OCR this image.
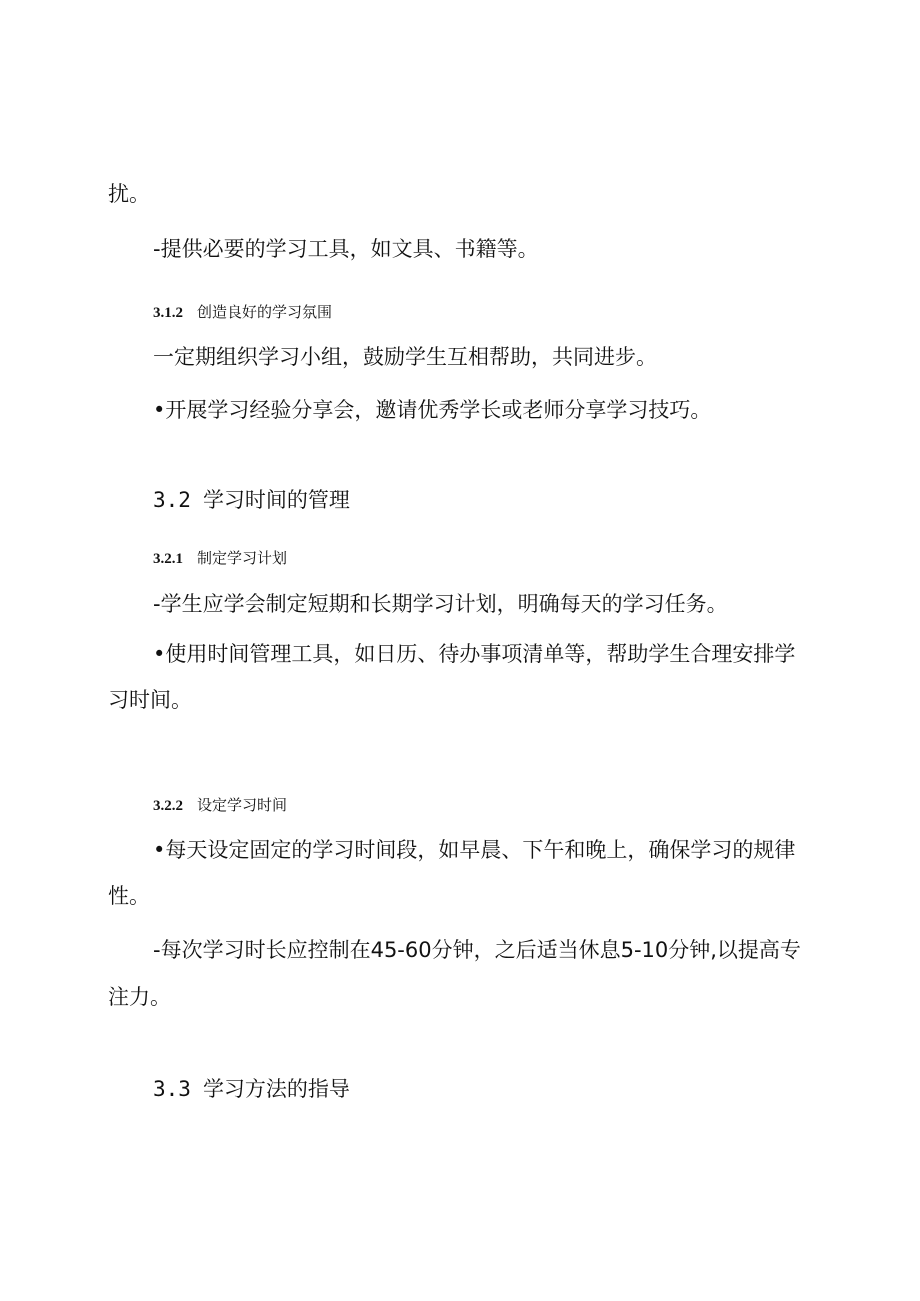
扰。
-提供必要的学习工具，如文具、书籍等。
3.1.2 创造良好的学习氛围
一定期组织学习小组，鼓励学生互相帮助，共同进步。
•开展学习经验分享会，邀请优秀学长或老师分享学习技巧。
3.2 学习时间的管理
3.2.1 制定学习计划
-学生应学会制定短期和长期学习计划，明确每天的学习任务。
•使用时间管理工具，如日历、待办事项清单等，帮助学生合理安排学
习时间。
3.2.2 设定学习时间
•每天设定固定的学习时间段，如早晨、下午和晚上，确保学习的规律
性。
-每次学习时长应控制在45-60分钟，之后适当休息5-10分钟,以提高专
注力。
3.3 学习方法的指导
